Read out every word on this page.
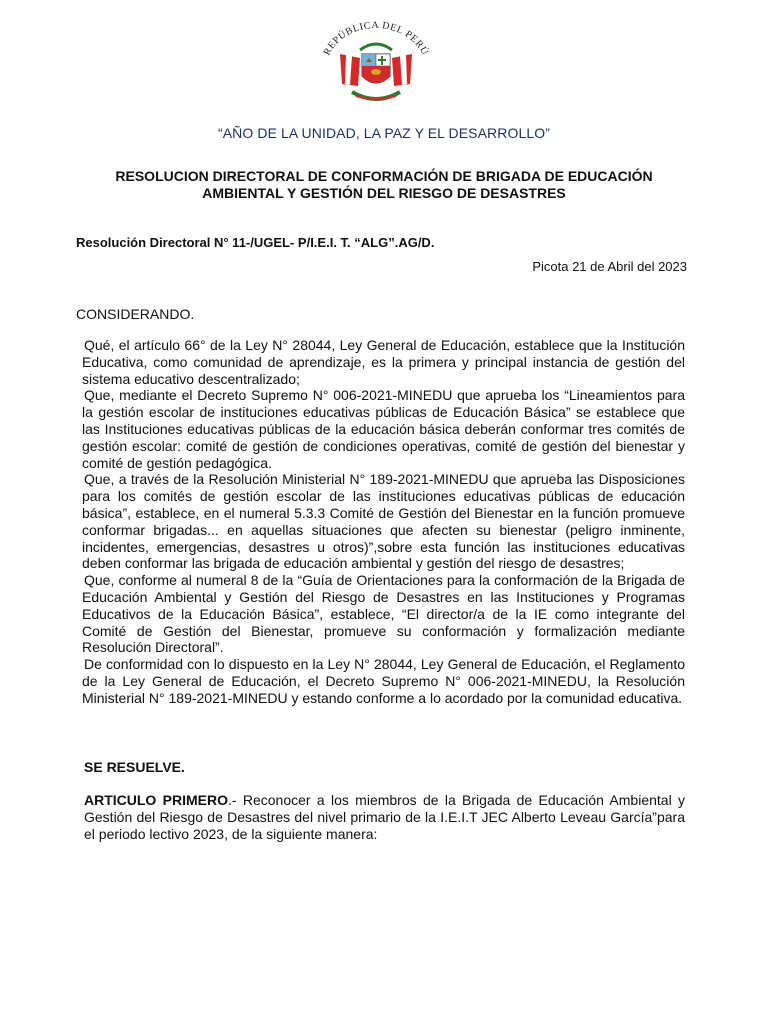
REPÚBLICA DEL PERÚ
“AÑO DE LA UNIDAD, LA PAZ Y EL DESARROLLO”
RESOLUCION DIRECTORAL DE CONFORMACIÓN DE BRIGADA DE EDUCACIÓN
AMBIENTAL Y GESTIÓN DEL RIESGO DE DESASTRES
Resolución Directoral N° 11-/UGEL- P/I.E.I. T. “ALG”.AG/D.
Picota 21 de Abril del 2023
CONSIDERANDO.

Qué, el artículo 66° de la Ley N° 28044, Ley General de Educación, establece que la Institución Educativa, como comunidad de aprendizaje, es la primera y principal instancia de gestión del sistema educativo descentralizado;

Que, mediante el Decreto Supremo N° 006-2021-MINEDU que aprueba los “Lineamientos para la gestión escolar de instituciones educativas públicas de Educación Básica” se establece que las Instituciones educativas públicas de la educación básica deberán conformar tres comités de gestión escolar: comité de gestión de condiciones operativas, comité de gestión del bienestar y comité de gestión pedagógica.

Que, a través de la Resolución Ministerial N° 189-2021-MINEDU que aprueba las Disposiciones para los comités de gestión escolar de las instituciones educativas públicas de educación básica”, establece, en el numeral 5.3.3 Comité de Gestión del Bienestar en la función promueve conformar brigadas... en aquellas situaciones que afecten su bienestar (peligro inminente, incidentes, emergencias, desastres u otros)”,sobre esta función las instituciones educativas deben conformar las brigada de educación ambiental y gestión del riesgo de desastres;

Que, conforme al numeral 8 de la “Guía de Orientaciones para la conformación de la Brigada de Educación Ambiental y Gestión del Riesgo de Desastres en las Instituciones y Programas Educativos de la Educación Básica”, establece, “El director/a de la IE como integrante del Comité de Gestión del Bienestar, promueve su conformación y formalización mediante Resolución Directoral”.

De conformidad con lo dispuesto en la Ley N° 28044, Ley General de Educación, el Reglamento de la Ley General de Educación, el Decreto Supremo N° 006-2021-MINEDU, la Resolución Ministerial N° 189-2021-MINEDU y estando conforme a lo acordado por la comunidad educativa.

SE RESUELVE.
ARTICULO PRIMERO.- Reconocer a los miembros de la Brigada de Educación Ambiental y Gestión del Riesgo de Desastres del nivel primario de la I.E.I.T JEC Alberto Leveau García”para el periodo lectivo 2023, de la siguiente manera:
